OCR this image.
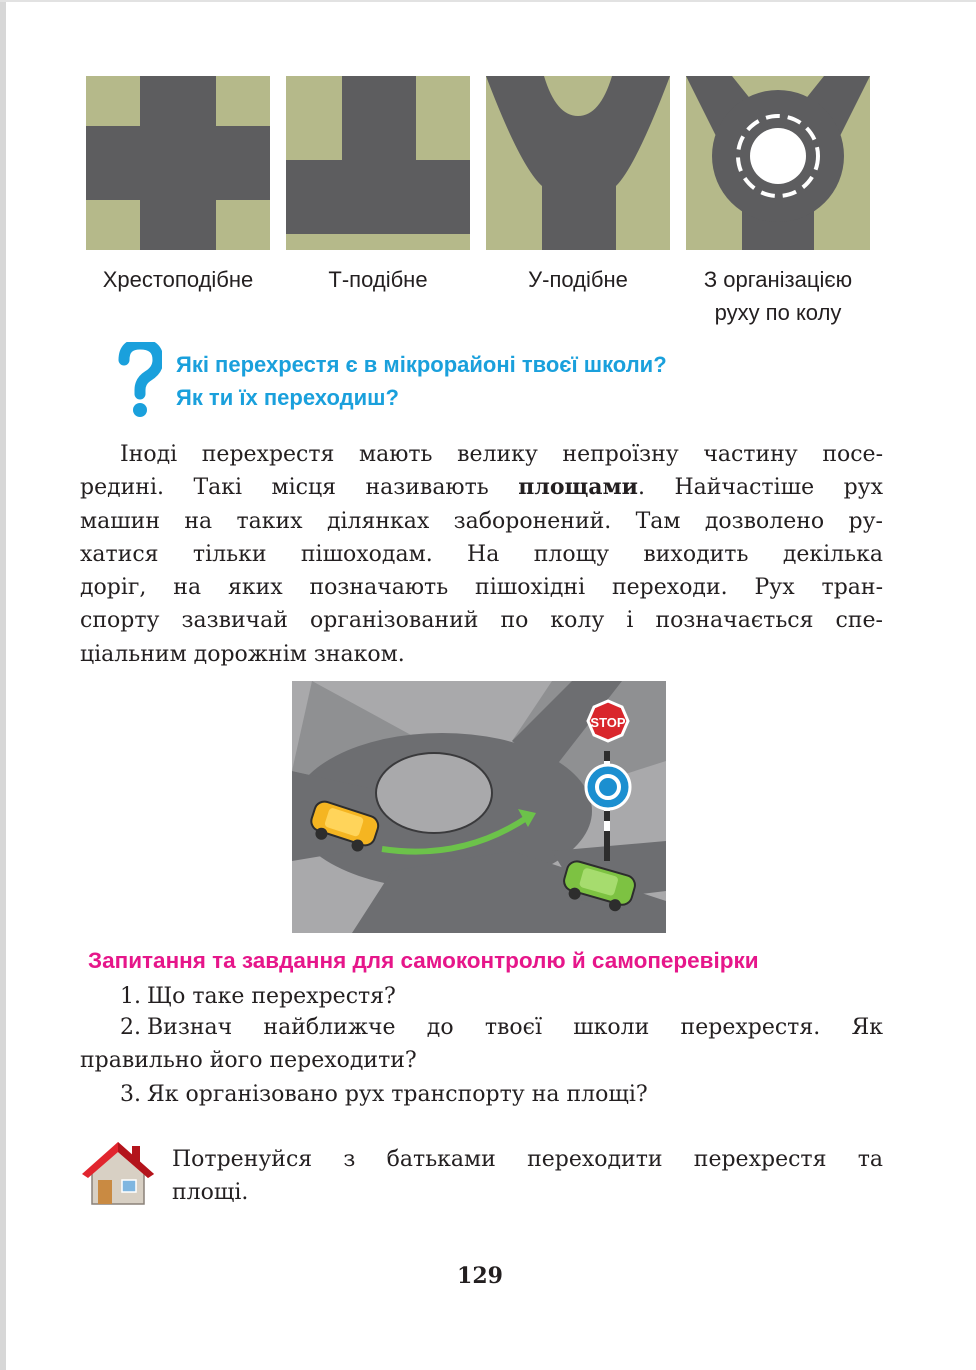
Хрестоподібне	Т-подібне	У-подібне	З організацією
руху по колу
Які перехрестя є в мікрорайоні твоєї школи?
Як ти їх переходиш?
Іноді перехрестя мають велику непроїзну частину посе-
редині. Такі місця називають площами. Найчастіше рух
машин на таких ділянках заборонений. Там дозволено ру-
хатися тільки пішоходам. На площу виходить декілька
доріг, на яких позначають пішохідні переходи. Рух тран-
спорту зазвичай організований по колу і позначається спе-
ціальним дорожнім знаком.
STOP
Запитання та завдання для самоконтролю й самоперевірки
1. Що таке перехрестя?
2. Визнач найближче до твоєї школи перехрестя. Як
правильно його переходити?
3. Як організовано рух транспорту на площі?
Потренуйся з батьками переходити перехрестя та
площі.
129
